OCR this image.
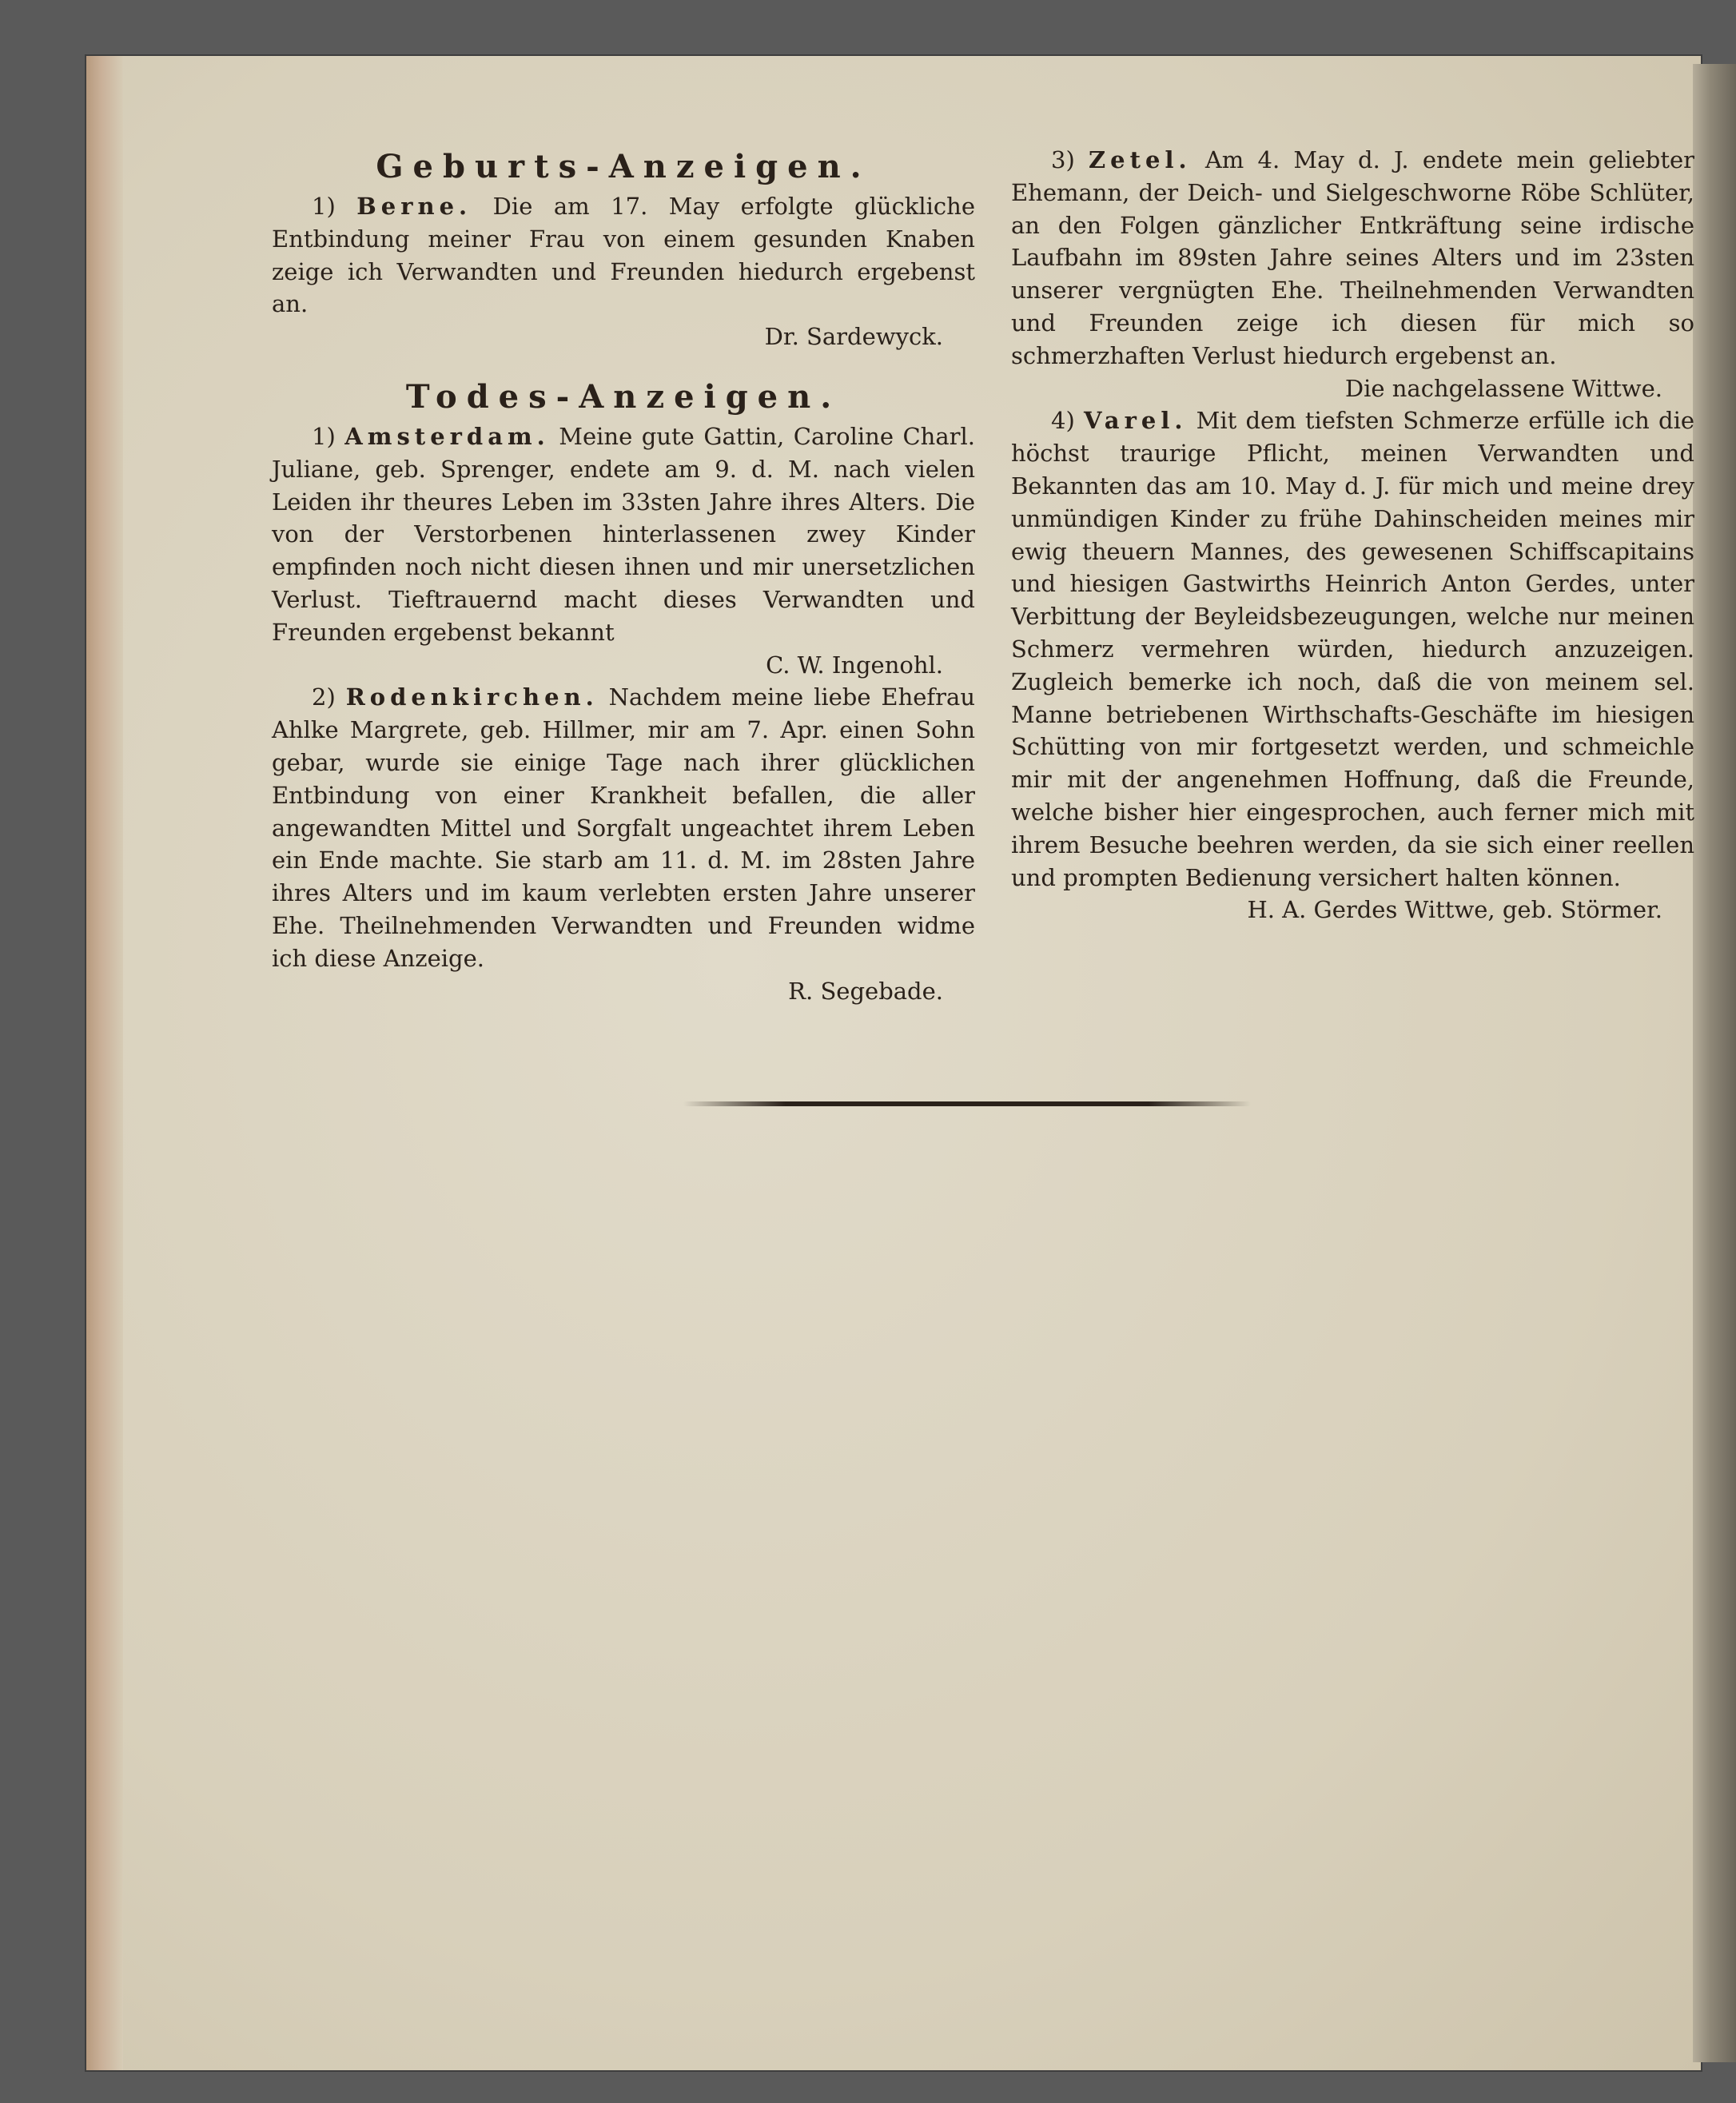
Geburts-Anzeigen.

1) Berne. Die am 17. May erfolgte glückliche Entbindung meiner Frau von einem gesunden Knaben zeige ich Verwandten und Freunden hiedurch ergebenst an.
Dr. Sardewyck.

Todes-Anzeigen.

1) Amsterdam. Meine gute Gattin, Caroline Charl. Juliane, geb. Sprenger, endete am 9. d. M. nach vielen Leiden ihr theures Leben im 33sten Jahre ihres Alters. Die von der Verstorbenen hinterlassenen zwey Kinder empfinden noch nicht diesen ihnen und mir unersetzlichen Verlust. Tieftrauernd macht dieses Verwandten und Freunden ergebenst bekannt
C. W. Ingenohl.

2) Rodenkirchen. Nachdem meine liebe Ehefrau Ahlke Margrete, geb. Hillmer, mir am 7. Apr. einen Sohn gebar, wurde sie einige Tage nach ihrer glücklichen Entbindung von einer Krankheit befallen, die aller angewandten Mittel und Sorgfalt ungeachtet ihrem Leben ein Ende machte. Sie starb am 11. d. M. im 28sten Jahre ihres Alters und im kaum verlebten ersten Jahre unserer Ehe. Theilnehmenden Verwandten und Freunden widme ich diese Anzeige.
R. Segebade.

3) Zetel. Am 4. May d. J. endete mein geliebter Ehemann, der Deich- und Sielgeschworne Röbe Schlüter, an den Folgen gänzlicher Entkräftung seine irdische Laufbahn im 89sten Jahre seines Alters und im 23sten unserer vergnügten Ehe. Theilnehmenden Verwandten und Freunden zeige ich diesen für mich so schmerzhaften Verlust hiedurch ergebenst an.
Die nachgelassene Wittwe.

4) Varel. Mit dem tiefsten Schmerze erfülle ich die höchst traurige Pflicht, meinen Verwandten und Bekannten das am 10. May d. J. für mich und meine drey unmündigen Kinder zu frühe Dahinscheiden meines mir ewig theuern Mannes, des gewesenen Schiffscapitains und hiesigen Gastwirths Heinrich Anton Gerdes, unter Verbittung der Beyleidsbezeugungen, welche nur meinen Schmerz vermehren würden, hiedurch anzuzeigen. Zugleich bemerke ich noch, daß die von meinem sel. Manne betriebenen Wirthschafts-Geschäfte im hiesigen Schütting von mir fortgesetzt werden, und schmeichle mir mit der angenehmen Hoffnung, daß die Freunde, welche bisher hier eingesprochen, auch ferner mich mit ihrem Besuche beehren werden, da sie sich einer reellen und prompten Bedienung versichert halten können.
H. A. Gerdes Wittwe, geb. Störmer.
